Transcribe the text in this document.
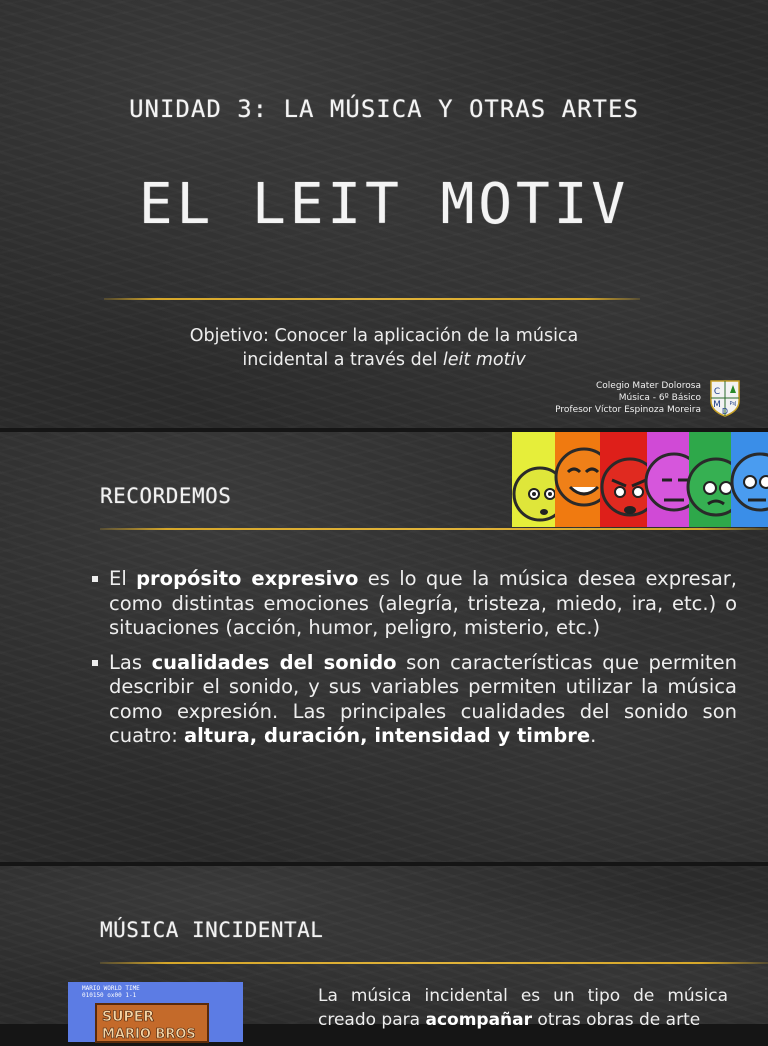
UNIDAD 3: LA MÚSICA Y OTRAS ARTES
EL LEIT MOTIV
Objetivo: Conocer la aplicación de la música
incidental a través del leit motiv
Colegio Mater Dolorosa
Música - 6º Básico
Profesor Víctor Espinoza Moreira
C
M
D
PsJ
RECORDEMOS
El propósito expresivo es lo que la música desea expresar, como distintas emociones (alegría, tristeza, miedo, ira, etc.) o situaciones (acción, humor, peligro, misterio, etc.)
Las cualidades del sonido son características que permiten describir el sonido, y sus variables permiten utilizar la música como expresión. Las principales cualidades del sonido son cuatro: altura, duración, intensidad y timbre.
MÚSICA INCIDENTAL
MARIO WORLD TIME
010150 ox00 1-1
SUPER
MARIO BROS
La música incidental es un tipo de música creado para acompañar otras obras de arte
